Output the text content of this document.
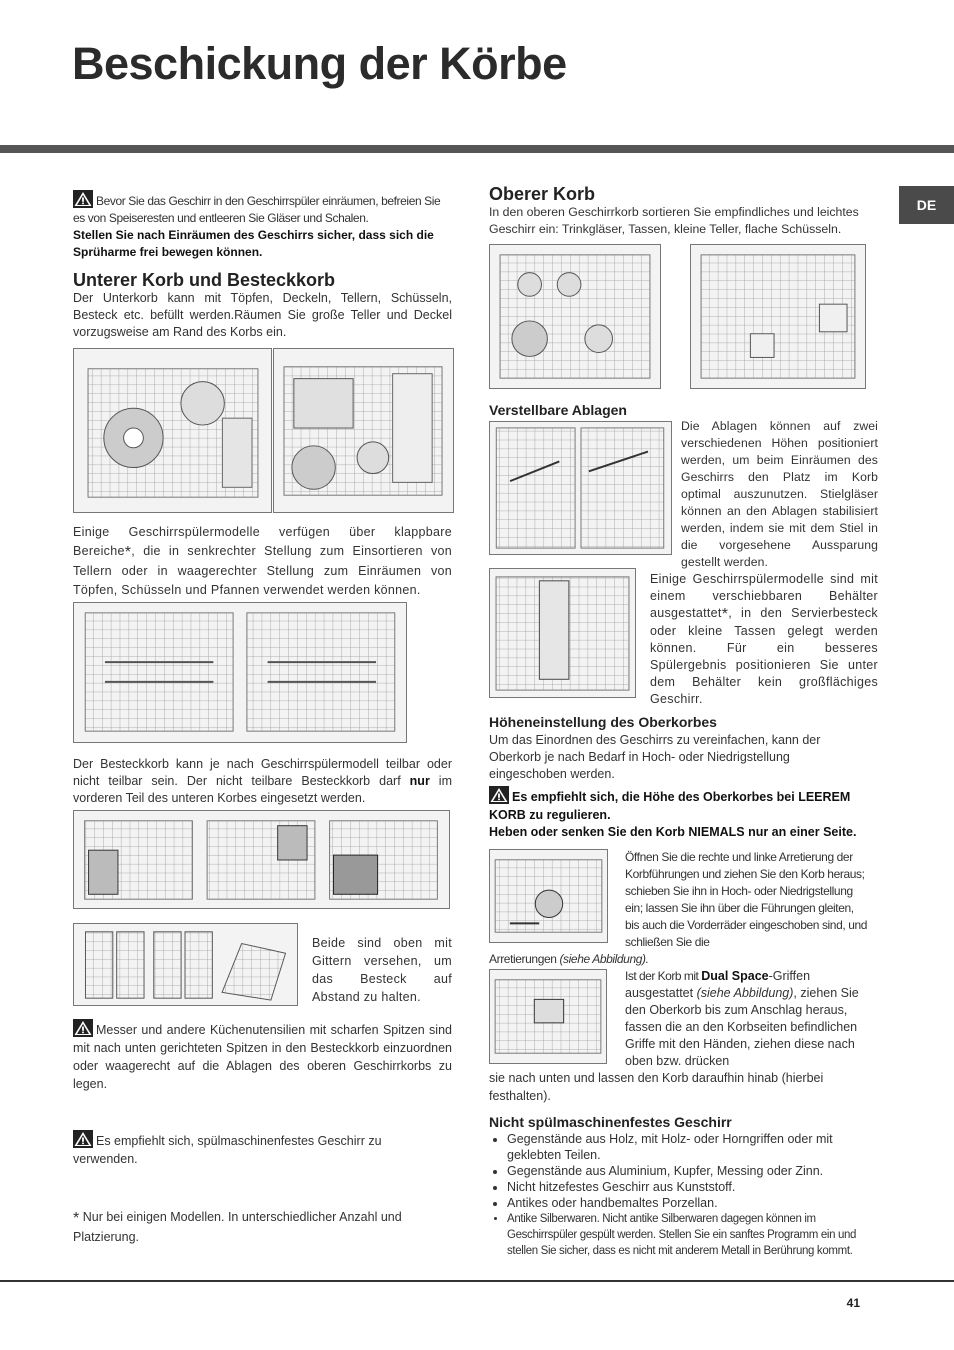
Beschickung der Körbe
DE
Bevor Sie das Geschirr in den Geschirrspüler einräumen, befreien Sie es von Speiseresten und entleeren Sie Gläser und Schalen.
Stellen Sie nach Einräumen des Geschirrs sicher, dass sich die Sprüharme frei bewegen können.
Unterer Korb und Besteckkorb
Der Unterkorb kann mit Töpfen, Deckeln, Tellern, Schüsseln, Besteck etc. befüllt werden.Räumen Sie große Teller und Deckel vorzugsweise am Rand des Korbs ein.
Einige Geschirrspülermodelle verfügen über klappbare Bereiche*, die in senkrechter Stellung zum Einsortieren von Tellern oder in waagerechter Stellung zum Einräumen von Töpfen, Schüsseln und Pfannen verwendet werden können.
Der Besteckkorb kann je nach Geschirrspülermodell teilbar oder nicht teilbar sein. Der nicht teilbare Besteckkorb darf nur im vorderen Teil des unteren Korbes eingesetzt werden.
Beide sind oben mit Gittern versehen, um das Besteck auf Abstand zu halten.
Messer und andere Küchenutensilien mit scharfen Spitzen sind mit nach unten gerichteten Spitzen in den Besteckkorb einzuordnen oder waagerecht auf die Ablagen des oberen Geschirrkorbs zu legen.
Es empfiehlt sich, spülmaschinenfestes Geschirr zu verwenden.
* Nur bei einigen Modellen. In unterschiedlicher Anzahl und Platzierung.
Oberer Korb
In den oberen Geschirrkorb sortieren Sie empfindliches und leichtes Geschirr ein: Trinkgläser, Tassen, kleine Teller, flache Schüsseln.
Verstellbare Ablagen
Die Ablagen können auf zwei verschiedenen Höhen positioniert werden, um beim Einräumen des Geschirrs den Platz im Korb optimal auszunutzen. Stielgläser können an den Ablagen stabilisiert werden, indem sie mit dem Stiel in die vorgesehene Aussparung gestellt werden.
Einige Geschirrspülermodelle sind mit einem verschiebbaren Behälter ausgestattet*, in den Servierbesteck oder kleine Tassen gelegt werden können. Für ein besseres Spülergebnis positionieren Sie unter dem Behälter kein großflächiges Geschirr.
Höheneinstellung des Oberkorbes
Um das Einordnen des Geschirrs zu vereinfachen, kann der Oberkorb je nach Bedarf in Hoch- oder Niedrigstellung eingeschoben werden.
Es empfiehlt sich, die Höhe des Oberkorbes bei LEEREM KORB zu regulieren.
Heben oder senken Sie den Korb NIEMALS nur an einer Seite.
Öffnen Sie die rechte und linke Arretierung der Korbführungen und ziehen Sie den Korb heraus; schieben Sie ihn in Hoch- oder Niedrigstellung ein; lassen Sie ihn über die Führungen gleiten, bis auch die Vorderräder eingeschoben sind, und schließen Sie die
Arretierungen (siehe Abbildung).
Ist der Korb mit Dual Space-Griffen ausgestattet (siehe Abbildung), ziehen Sie den Oberkorb bis zum Anschlag heraus, fassen die an den Korbseiten befindlichen Griffe mit den Händen, ziehen diese nach oben bzw. drücken
sie nach unten und lassen den Korb daraufhin hinab (hierbei festhalten).
Nicht spülmaschinenfestes Geschirr
• Gegenstände aus Holz, mit Holz- oder Horngriffen oder mit geklebten Teilen.
• Gegenstände aus Aluminium, Kupfer, Messing oder Zinn.
• Nicht hitzefestes Geschirr aus Kunststoff.
• Antikes oder handbemaltes Porzellan.
• Antike Silberwaren. Nicht antike Silberwaren dagegen können im Geschirrspüler gespült werden. Stellen Sie ein sanftes Programm ein und stellen Sie sicher, dass es nicht mit anderem Metall in Berührung kommt.
41
